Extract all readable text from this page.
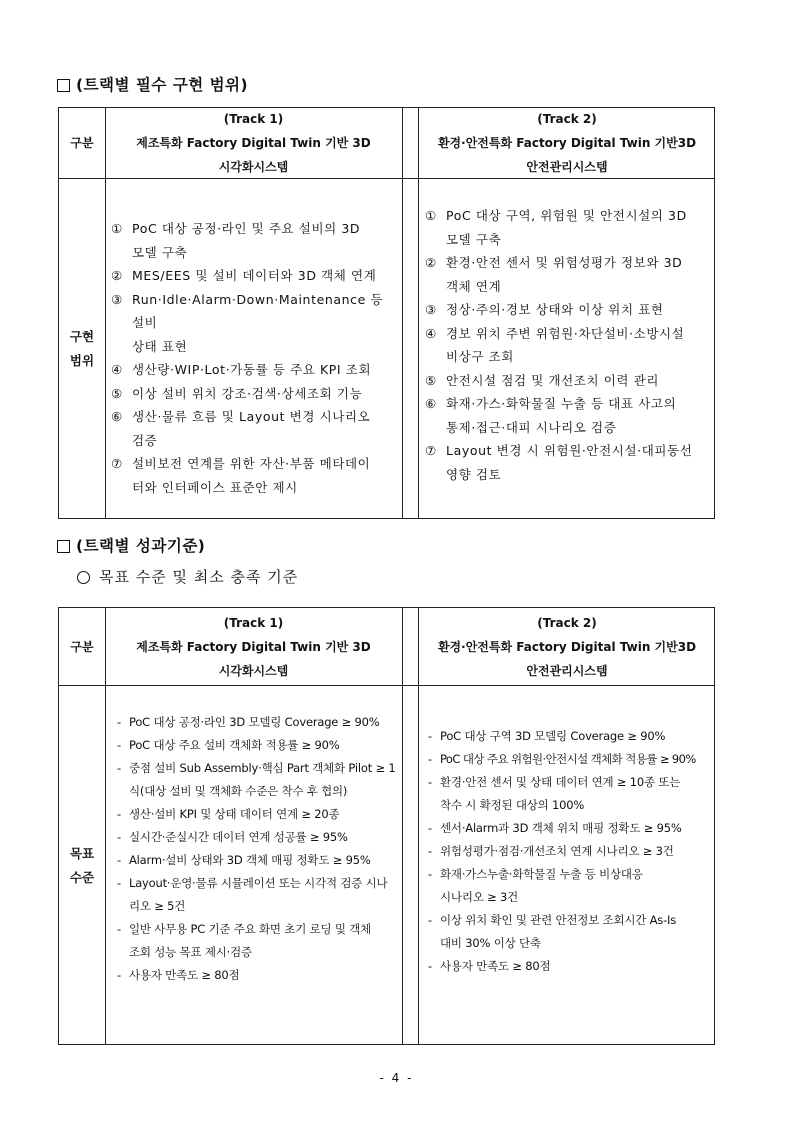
(트랙별 필수 구현 범위)
구분
(Track 1)
제조특화 Factory Digital Twin 기반 3D
시각화시스템
(Track 2)
환경·안전특화 Factory Digital Twin 기반3D
안전관리시스템
구현
범위
① PoC 대상 공정·라인 및 주요 설비의 3D
모델 구축
② MES/EES 및 설비 데이터와 3D 객체 연계
③ Run·Idle·Alarm·Down·Maintenance 등 설비
상태 표현
④ 생산량·WIP·Lot·가동률 등 주요 KPI 조회
⑤ 이상 설비 위치 강조·검색·상세조회 기능
⑥ 생산·물류 흐름 및 Layout 변경 시나리오
검증
⑦ 설비보전 연계를 위한 자산·부품 메타데이
터와 인터페이스 표준안 제시
① PoC 대상 구역, 위험원 및 안전시설의 3D
모델 구축
② 환경·안전 센서 및 위험성평가 정보와 3D
객체 연계
③ 정상·주의·경보 상태와 이상 위치 표현
④ 경보 위치 주변 위험원·차단설비·소방시설
비상구 조회
⑤ 안전시설 점검 및 개선조치 이력 관리
⑥ 화재·가스·화학물질 누출 등 대표 사고의
통제·접근·대피 시나리오 검증
⑦ Layout 변경 시 위험원·안전시설·대피동선
영향 검토
(트랙별 성과기준)
목표 수준 및 최소 충족 기준
구분
(Track 1)
제조특화 Factory Digital Twin 기반 3D
시각화시스템
(Track 2)
환경·안전특화 Factory Digital Twin 기반3D
안전관리시스템
목표
수준
- PoC 대상 공정·라인 3D 모델링 Coverage ≥ 90%
- PoC 대상 주요 설비 객체화 적용률 ≥ 90%
- 중점 설비 Sub Assembly·핵심 Part 객체화 Pilot ≥ 1
식(대상 설비 및 객체화 수준은 착수 후 협의)
- 생산·설비 KPI 및 상태 데이터 연계 ≥ 20종
- 실시간·준실시간 데이터 연계 성공률 ≥ 95%
- Alarm·설비 상태와 3D 객체 매핑 정확도 ≥ 95%
- Layout·운영·물류 시뮬레이션 또는 시각적 검증 시나
리오 ≥ 5건
- 일반 사무용 PC 기준 주요 화면 초기 로딩 및 객체
조회 성능 목표 제시·검증
- 사용자 만족도 ≥ 80점
- PoC 대상 구역 3D 모델링 Coverage ≥ 90%
- PoC 대상 주요 위험원·안전시설 객체화 적용률 ≥ 90%
- 환경·안전 센서 및 상태 데이터 연계 ≥ 10종 또는
착수 시 확정된 대상의 100%
- 센서·Alarm과 3D 객체 위치 매핑 정확도 ≥ 95%
- 위험성평가·점검·개선조치 연계 시나리오 ≥ 3건
- 화재·가스누출·화학물질 누출 등 비상대응
시나리오 ≥ 3건
- 이상 위치 확인 및 관련 안전정보 조회시간 As-Is
대비 30% 이상 단축
- 사용자 만족도 ≥ 80점
- 4 -
